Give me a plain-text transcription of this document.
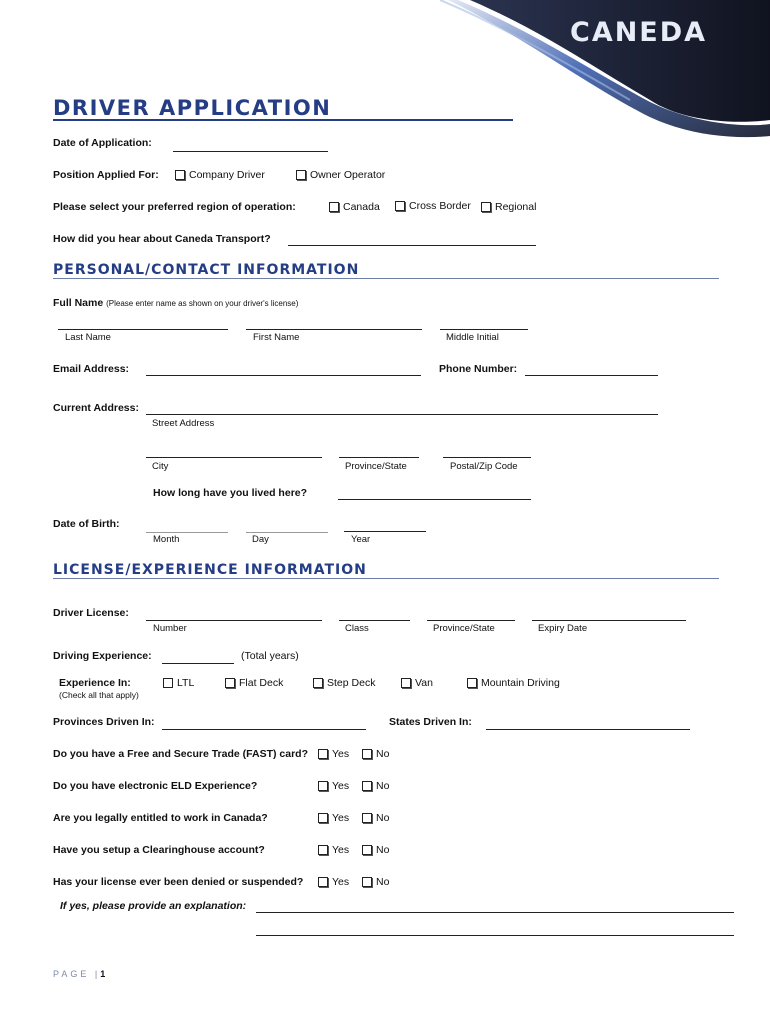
CANEDA
DRIVER APPLICATION
Date of Application:
Position Applied For:	Company Driver	Owner Operator
Please select your preferred region of operation:	Canada	Cross Border Regional
How did you hear about Caneda Transport?
PERSONAL/CONTACT INFORMATION
Full Name (Please enter name as shown on your driver's license)
Last Name	First Name	Middle Initial
Email Address:	Phone Number:
Current Address:
Street Address
City	Province/State	Postal/Zip Code
How long have you lived here?
Date of Birth:
Month	Day	Year
LICENSE/EXPERIENCE INFORMATION
Driver License:
Number	Class	Province/State	Expiry Date
Driving Experience:	(Total years)
Experience In:
(Check all that apply)
LTL	Flat Deck	Step Deck	Van	Mountain Driving
Provinces Driven In:	States Driven In:
Do you have a Free and Secure Trade (FAST) card? Yes	No
Do you have electronic ELD Experience?	Yes	No
Are you legally entitled to work in Canada?	Yes	No
Have you setup a Clearinghouse account?	Yes	No
Has your license ever been denied or suspended?	Yes	No
If yes, please provide an explanation:
PAGE |1
